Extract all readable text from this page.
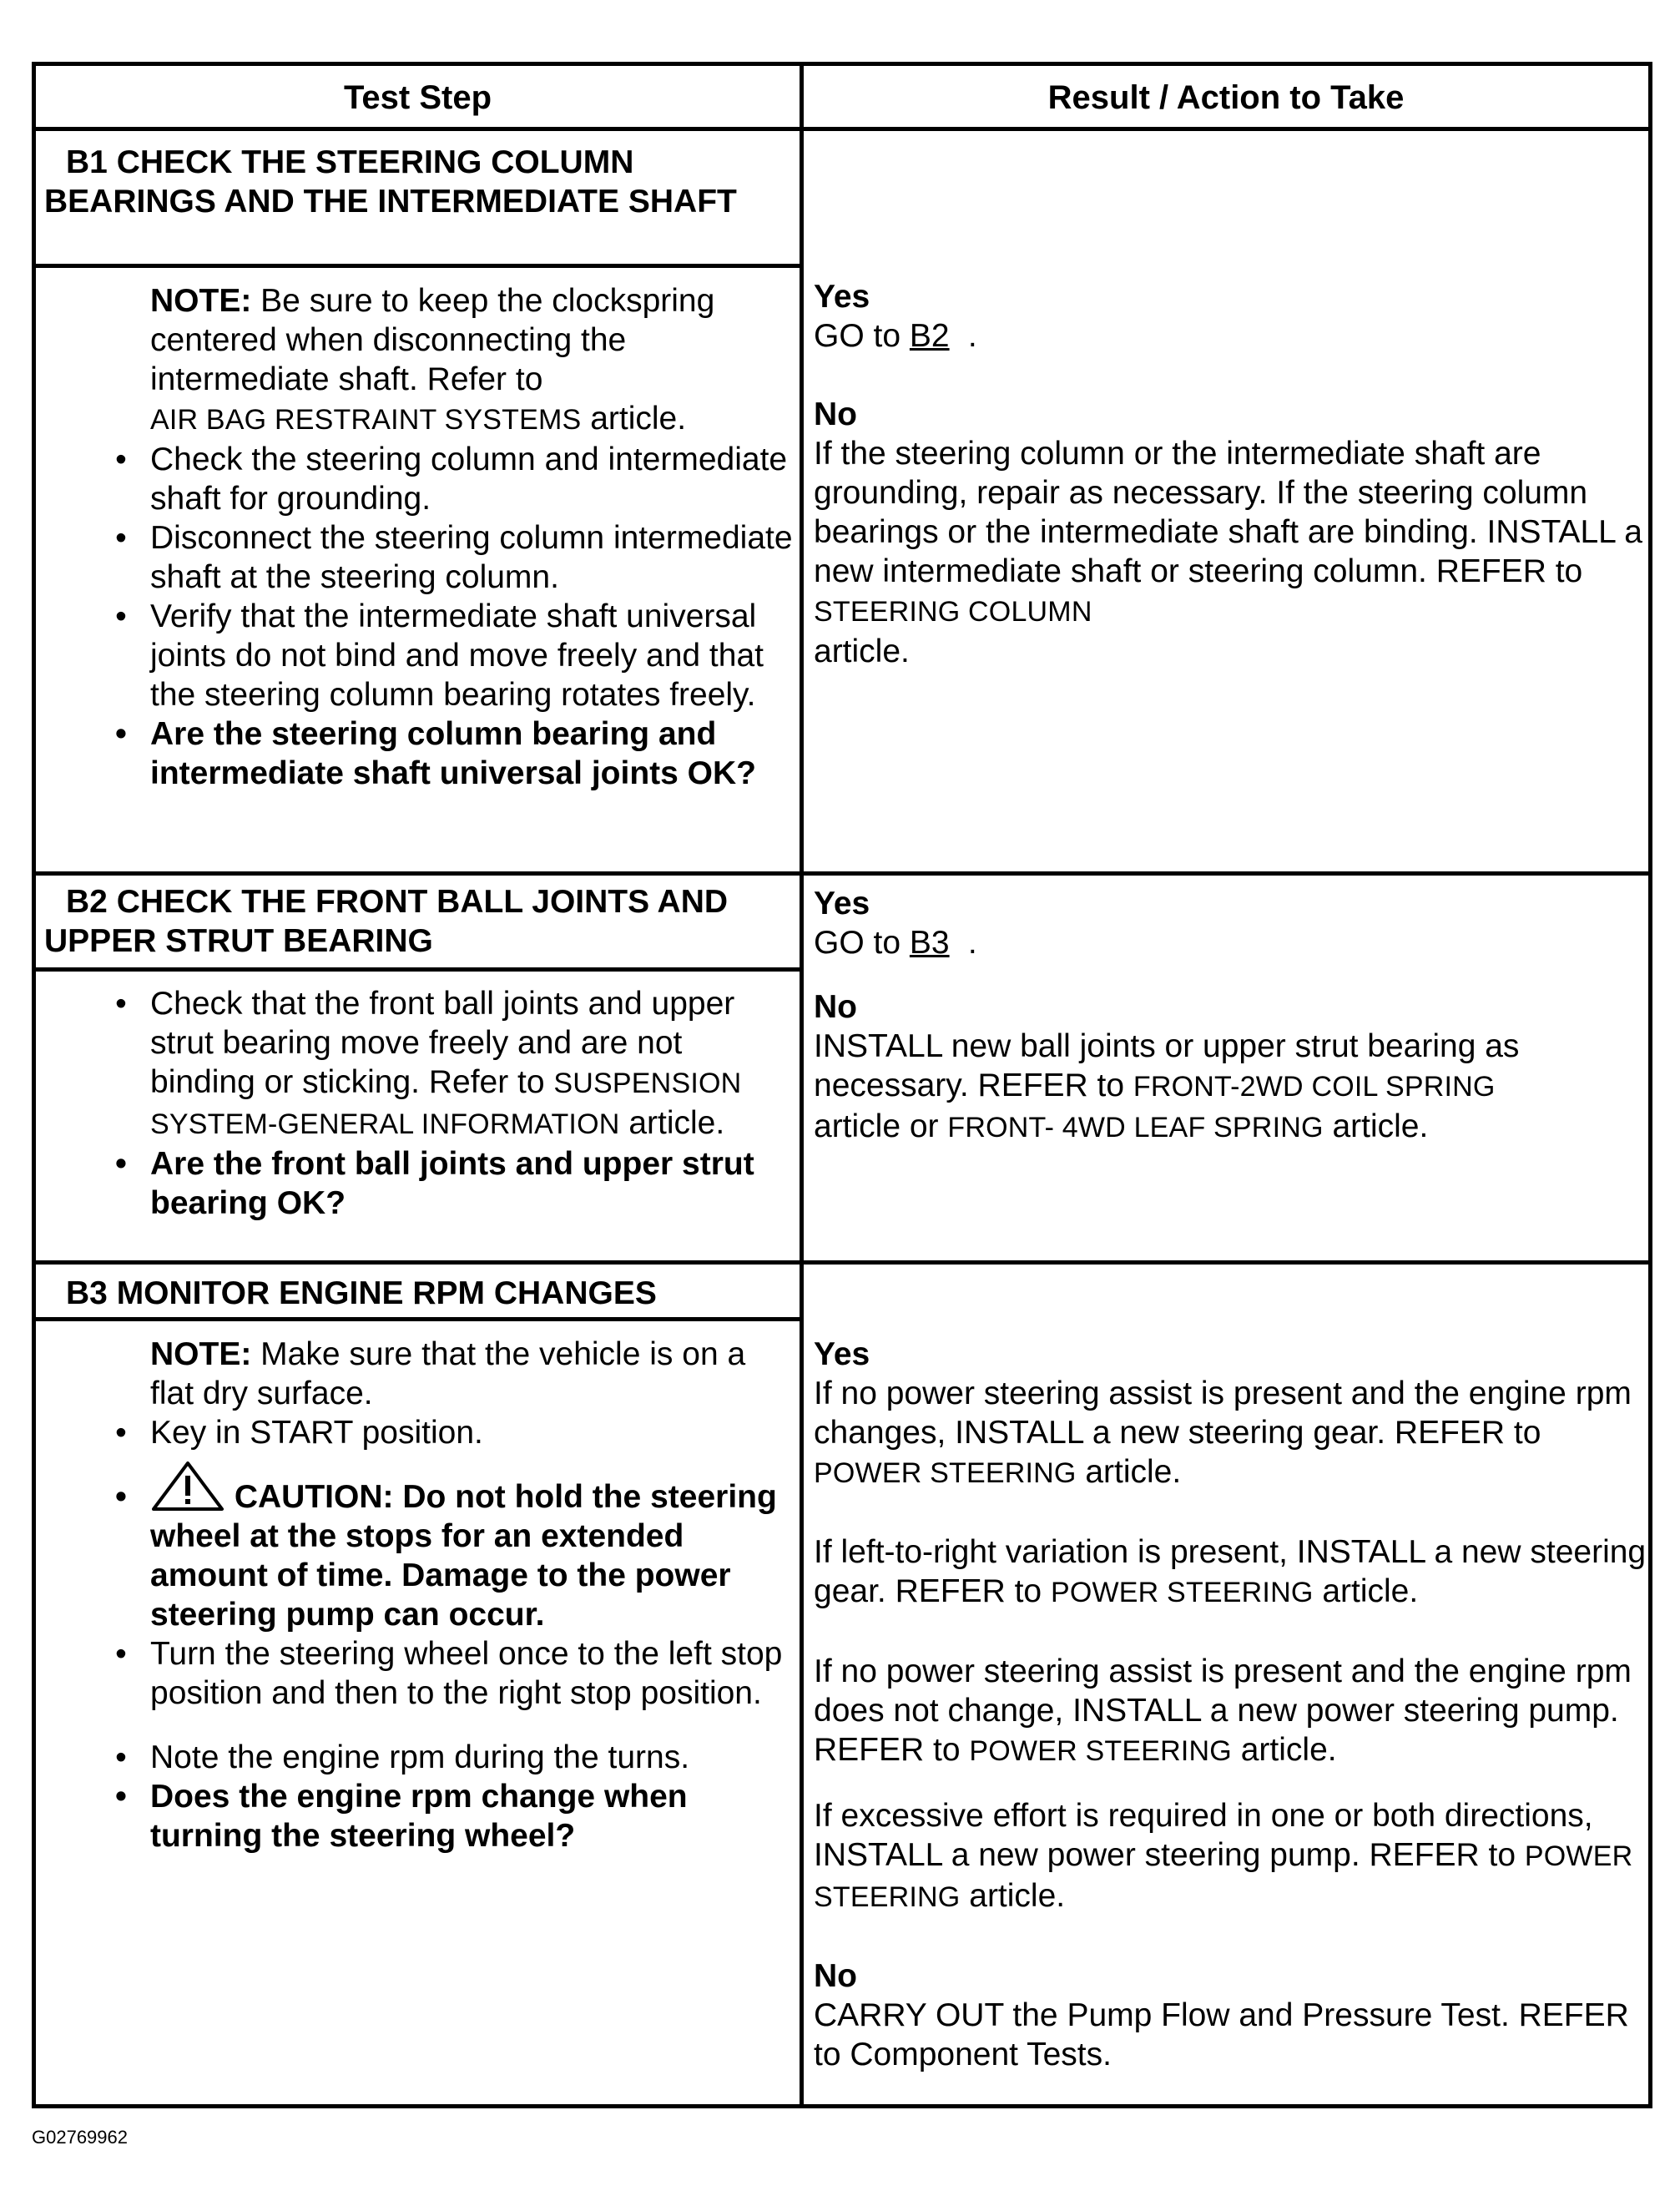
Test Step	Result / Action to Take
B1 CHECK THE STEERING COLUMN BEARINGS AND THE INTERMEDIATE SHAFT
NOTE: Be sure to keep the clockspring centered when disconnecting the intermediate shaft. Refer to
AIR BAG RESTRAINT SYSTEMS article.
• Check the steering column and intermediate shaft for grounding.
• Disconnect the steering column intermediate shaft at the steering column.
• Verify that the intermediate shaft universal joints do not bind and move freely and that the steering column bearing rotates freely.
• Are the steering column bearing and intermediate shaft universal joints OK?
Yes
GO to B2 .
No
If the steering column or the intermediate shaft are grounding, repair as necessary. If the steering column bearings or the intermediate shaft are binding. INSTALL a new intermediate shaft or steering column. REFER to STEERING COLUMN
article.
B2 CHECK THE FRONT BALL JOINTS AND UPPER STRUT BEARING
• Check that the front ball joints and upper strut bearing move freely and are not binding or sticking. Refer to SUSPENSION SYSTEM-GENERAL INFORMATION article.
• Are the front ball joints and upper strut bearing OK?
Yes
GO to B3 .
No
INSTALL new ball joints or upper strut bearing as necessary. REFER to FRONT-2WD COIL SPRING
article or FRONT- 4WD LEAF SPRING article.
B3 MONITOR ENGINE RPM CHANGES
NOTE: Make sure that the vehicle is on a flat dry surface.
• Key in START position.
•	CAUTION: Do not hold the steering wheel at the stops for an extended amount of time. Damage to the power steering pump can occur.
• Turn the steering wheel once to the left stop position and then to the right stop position.
• Note the engine rpm during the turns.
• Does the engine rpm change when turning the steering wheel?
Yes
If no power steering assist is present and the engine rpm changes, INSTALL a new steering gear. REFER to POWER STEERING article.
If left-to-right variation is present, INSTALL a new steering gear. REFER to POWER STEERING article.
If no power steering assist is present and the engine rpm does not change, INSTALL a new power steering pump. REFER to POWER STEERING article.
If excessive effort is required in one or both directions, INSTALL a new power steering pump. REFER to POWER STEERING article.
No
CARRY OUT the Pump Flow and Pressure Test. REFER to Component Tests.
G02769962
